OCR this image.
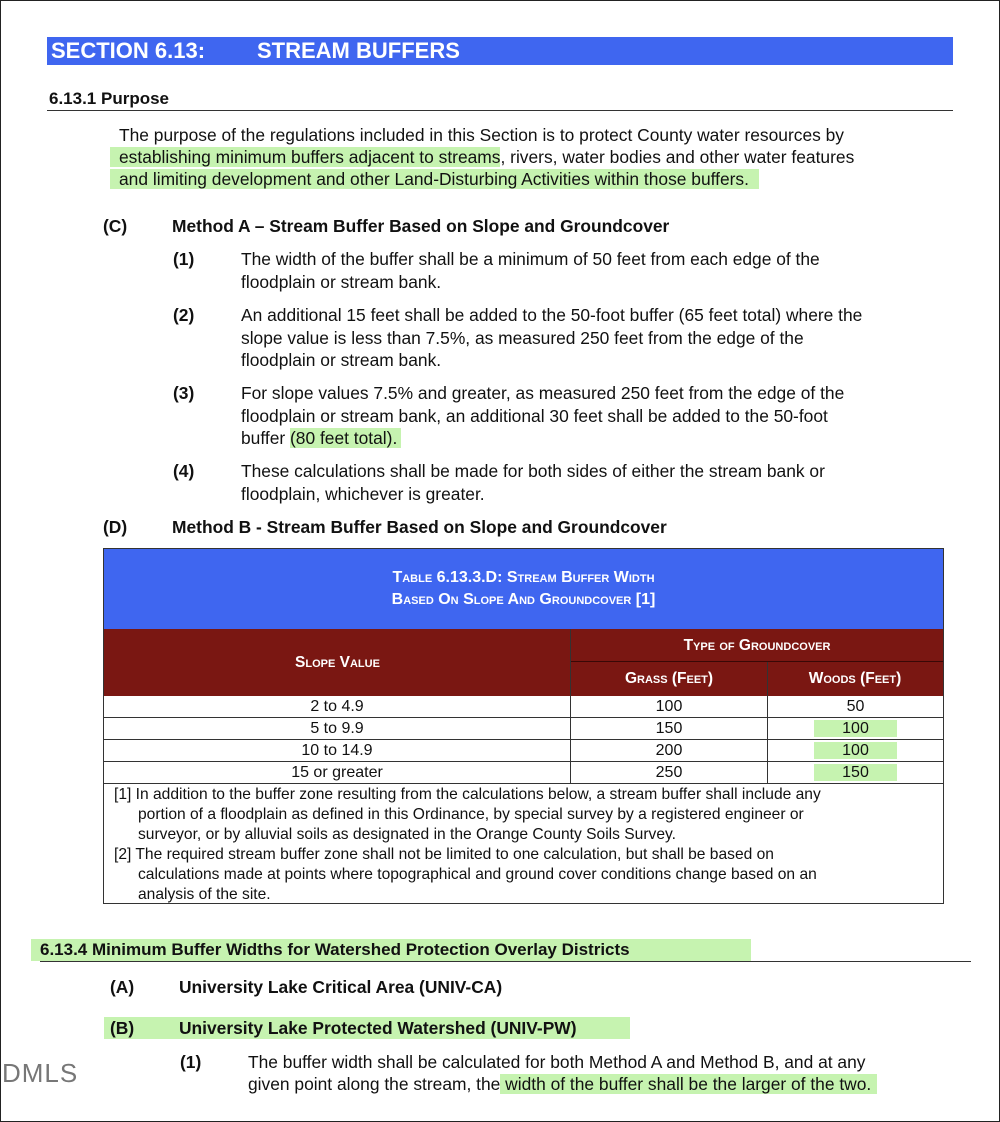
SECTION 6.13: STREAM BUFFERS
6.13.1 Purpose
The purpose of the regulations included in this Section is to protect County water resources by
establishing minimum buffers adjacent to streams, rivers, water bodies and other water features
and limiting development and other Land-Disturbing Activities within those buffers.
(C)	Method A – Stream Buffer Based on Slope and Groundcover
(1)	The width of the buffer shall be a minimum of 50 feet from each edge of the
floodplain or stream bank.
(2)	An additional 15 feet shall be added to the 50-foot buffer (65 feet total) where the
slope value is less than 7.5%, as measured 250 feet from the edge of the
floodplain or stream bank.
(3)	For slope values 7.5% and greater, as measured 250 feet from the edge of the
floodplain or stream bank, an additional 30 feet shall be added to the 50-foot
buffer (80 feet total).
(4)	These calculations shall be made for both sides of either the stream bank or
floodplain, whichever is greater.
(D)	Method B - Stream Buffer Based on Slope and Groundcover
Table 6.13.3.D: Stream Buffer Width
Based On Slope And Groundcover [1]
Slope Value
Type of Groundcover
Grass (Feet)	Woods (Feet)
2 to 4.9	100	50
5 to 9.9	150	100
10 to 14.9	200	100
15 or greater	250	150
[1] In addition to the buffer zone resulting from the calculations below, a stream buffer shall include any
portion of a floodplain as defined in this Ordinance, by special survey by a registered engineer or
surveyor, or by alluvial soils as designated in the Orange County Soils Survey.
[2] The required stream buffer zone shall not be limited to one calculation, but shall be based on
calculations made at points where topographical and ground cover conditions change based on an
analysis of the site.
6.13.4 Minimum Buffer Widths for Watershed Protection Overlay Districts
(A)	University Lake Critical Area (UNIV-CA)
(B)	University Lake Protected Watershed (UNIV-PW)
(1)	The buffer width shall be calculated for both Method A and Method B, and at any
given point along the stream, the width of the buffer shall be the larger of the two.
DMLS
